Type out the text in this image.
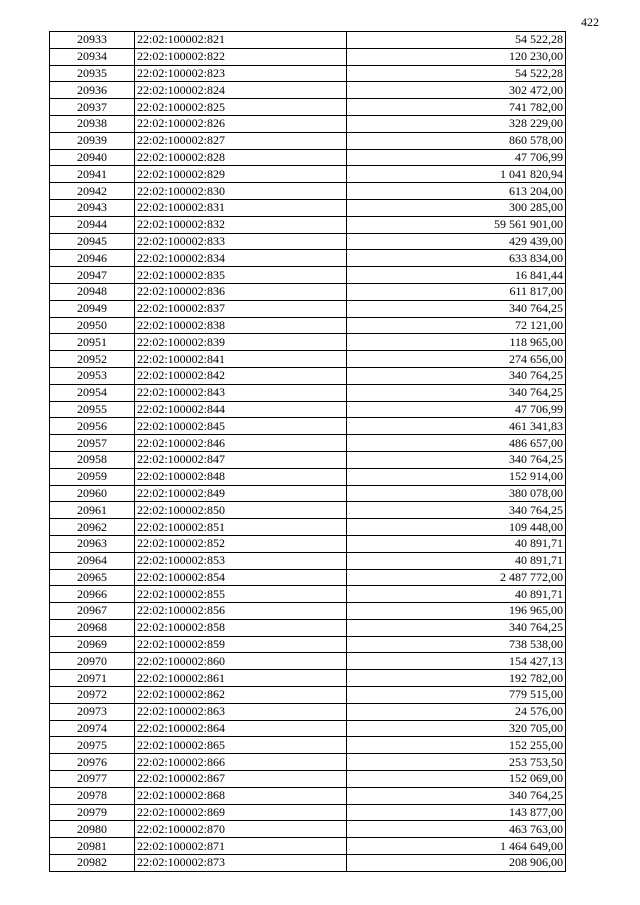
422
20933	22:02:100002:821	54 522,28
20934	22:02:100002:822	120 230,00
20935	22:02:100002:823	54 522,28
20936	22:02:100002:824	302 472,00
20937	22:02:100002:825	741 782,00
20938	22:02:100002:826	328 229,00
20939	22:02:100002:827	860 578,00
20940	22:02:100002:828	47 706,99
20941	22:02:100002:829	1 041 820,94
20942	22:02:100002:830	613 204,00
20943	22:02:100002:831	300 285,00
20944	22:02:100002:832	59 561 901,00
20945	22:02:100002:833	429 439,00
20946	22:02:100002:834	633 834,00
20947	22:02:100002:835	16 841,44
20948	22:02:100002:836	611 817,00
20949	22:02:100002:837	340 764,25
20950	22:02:100002:838	72 121,00
20951	22:02:100002:839	118 965,00
20952	22:02:100002:841	274 656,00
20953	22:02:100002:842	340 764,25
20954	22:02:100002:843	340 764,25
20955	22:02:100002:844	47 706,99
20956	22:02:100002:845	461 341,83
20957	22:02:100002:846	486 657,00
20958	22:02:100002:847	340 764,25
20959	22:02:100002:848	152 914,00
20960	22:02:100002:849	380 078,00
20961	22:02:100002:850	340 764,25
20962	22:02:100002:851	109 448,00
20963	22:02:100002:852	40 891,71
20964	22:02:100002:853	40 891,71
20965	22:02:100002:854	2 487 772,00
20966	22:02:100002:855	40 891,71
20967	22:02:100002:856	196 965,00
20968	22:02:100002:858	340 764,25
20969	22:02:100002:859	738 538,00
20970	22:02:100002:860	154 427,13
20971	22:02:100002:861	192 782,00
20972	22:02:100002:862	779 515,00
20973	22:02:100002:863	24 576,00
20974	22:02:100002:864	320 705,00
20975	22:02:100002:865	152 255,00
20976	22:02:100002:866	253 753,50
20977	22:02:100002:867	152 069,00
20978	22:02:100002:868	340 764,25
20979	22:02:100002:869	143 877,00
20980	22:02:100002:870	463 763,00
20981	22:02:100002:871	1 464 649,00
20982	22:02:100002:873	208 906,00
